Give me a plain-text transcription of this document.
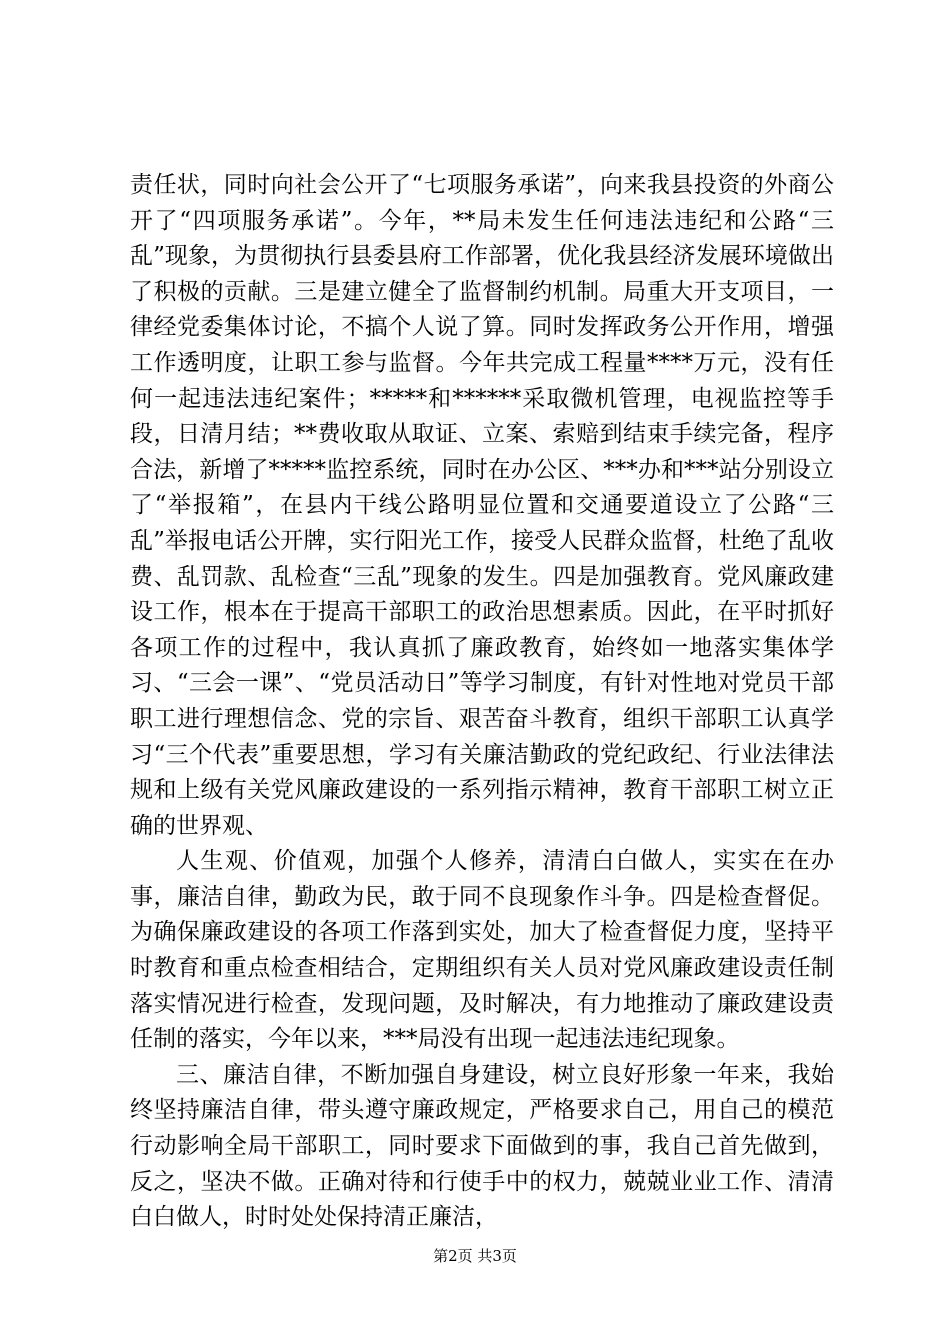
责任状，同时向社会公开了“七项服务承诺”，向来我县投资的外商公开了“四项服务承诺”。今年，**局未发生任何违法违纪和公路“三乱”现象，为贯彻执行县委县府工作部署，优化我县经济发展环境做出了积极的贡献。三是建立健全了监督制约机制。局重大开支项目，一律经党委集体讨论，不搞个人说了算。同时发挥政务公开作用，增强工作透明度，让职工参与监督。今年共完成工程量****万元，没有任何一起违法违纪案件；*****和******采取微机管理，电视监控等手段，日清月结；**费收取从取证、立案、索赔到结束手续完备，程序合法，新增了*****监控系统，同时在办公区、***办和***站分别设立了“举报箱”，在县内干线公路明显位置和交通要道设立了公路“三乱”举报电话公开牌，实行阳光工作，接受人民群众监督，杜绝了乱收费、乱罚款、乱检查“三乱”现象的发生。四是加强教育。党风廉政建设工作，根本在于提高干部职工的政治思想素质。因此，在平时抓好各项工作的过程中，我认真抓了廉政教育，始终如一地落实集体学习、“三会一课”、“党员活动日”等学习制度，有针对性地对党员干部职工进行理想信念、党的宗旨、艰苦奋斗教育，组织干部职工认真学习“三个代表”重要思想，学习有关廉洁勤政的党纪政纪、行业法律法规和上级有关党风廉政建设的一系列指示精神，教育干部职工树立正确的世界观、

人生观、价值观，加强个人修养，清清白白做人，实实在在办事，廉洁自律，勤政为民，敢于同不良现象作斗争。四是检查督促。为确保廉政建设的各项工作落到实处，加大了检查督促力度，坚持平时教育和重点检查相结合，定期组织有关人员对党风廉政建设责任制落实情况进行检查，发现问题，及时解决，有力地推动了廉政建设责任制的落实，今年以来，***局没有出现一起违法违纪现象。

三、廉洁自律，不断加强自身建设，树立良好形象一年来，我始终坚持廉洁自律，带头遵守廉政规定，严格要求自己，用自己的模范行动影响全局干部职工，同时要求下面做到的事，我自己首先做到，反之，坚决不做。正确对待和行使手中的权力，兢兢业业工作、清清白白做人，时时处处保持清正廉洁，

第2页 共3页
